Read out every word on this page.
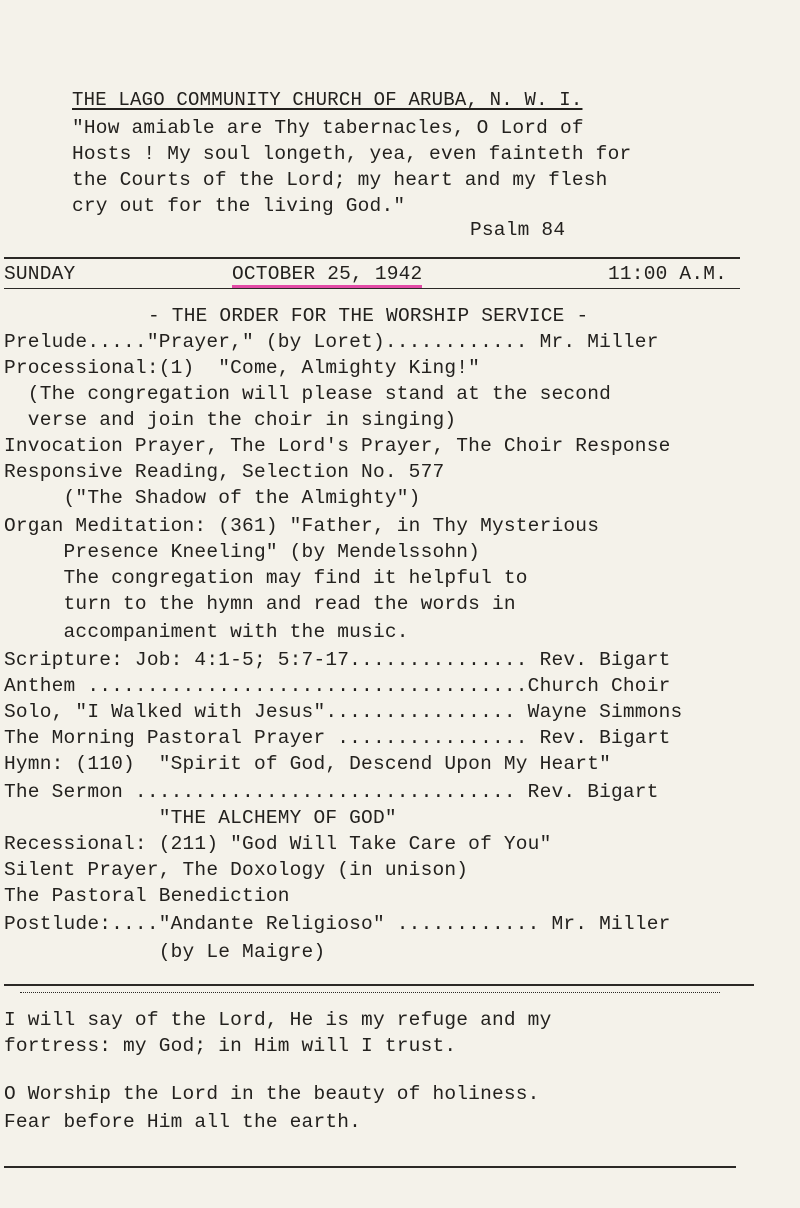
THE LAGO COMMUNITY CHURCH OF ARUBA, N. W. I.
"How amiable are Thy tabernacles, O Lord of
Hosts ! My soul longeth, yea, even fainteth for
the Courts of the Lord; my heart and my flesh
cry out for the living God."
Psalm 84
SUNDAY	OCTOBER 25, 1942	11:00 A.M.
- THE ORDER FOR THE WORSHIP SERVICE -
Prelude....."Prayer," (by Loret)............ Mr. Miller
Processional:(1)  "Come, Almighty King!"
(The congregation will please stand at the second
verse and join the choir in singing)
Invocation Prayer, The Lord's Prayer, The Choir Response
Responsive Reading, Selection No. 577
("The Shadow of the Almighty")
Organ Meditation: (361) "Father, in Thy Mysterious
Presence Kneeling" (by Mendelssohn)
The congregation may find it helpful to
turn to the hymn and read the words in
accompaniment with the music.
Scripture: Job: 4:1-5; 5:7-17............... Rev. Bigart
Anthem .....................................Church Choir
Solo, "I Walked with Jesus"................ Wayne Simmons
The Morning Pastoral Prayer ................ Rev. Bigart
Hymn: (110)  "Spirit of God, Descend Upon My Heart"
The Sermon ................................ Rev. Bigart
"THE ALCHEMY OF GOD"
Recessional: (211) "God Will Take Care of You"
Silent Prayer, The Doxology (in unison)
The Pastoral Benediction
Postlude:...."Andante Religioso" ............ Mr. Miller
(by Le Maigre)
I will say of the Lord, He is my refuge and my
fortress: my God; in Him will I trust.
O Worship the Lord in the beauty of holiness.
Fear before Him all the earth.
